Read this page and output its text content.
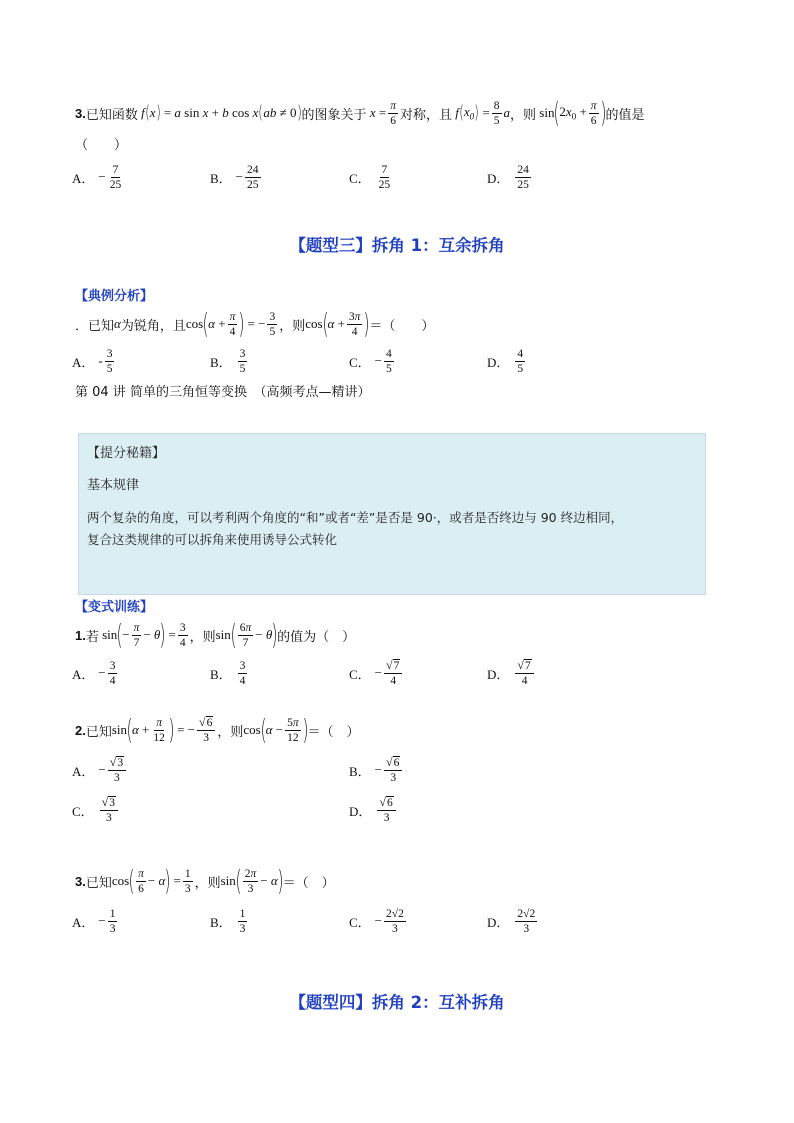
3. 已知函数 f ( x ) = a sin x + b cos x ( ab ≠ 0 ) 的图象关于 $x = \frac{\pi}{6}$ 对称，且 f ( $x_0$ ) = $\frac{8}{5}$ a ，则 sin ( $2x_0 + \frac{\pi}{6}$ ) 的值是
（　　）
A． − $\frac{7}{25}$	B． − $\frac{24}{25}$	C． $\frac{7}{25}$	D． $\frac{24}{25}$
【题型三】拆角 1：互余拆角
【典例分析】
．已知 α 为锐角，且 cos ( $\alpha + \frac{\pi}{4}$ ) = − $\frac{3}{5}$ ，则 cos ( $\alpha + \frac{3\pi}{4}$ ) ＝（　　）
A． - $\frac{3}{5}$	B． $\frac{3}{5}$	C． − $\frac{4}{5}$	D． $\frac{4}{5}$
第 04 讲 简单的三角恒等变换　（高频考点—精讲）
【提分秘籍】
基本规律
两个复杂的角度，可以考利两个角度的“和”或者“差”是否是 90·，或者是否终边与 90 终边相同，
复合这类规律的可以拆角来使用诱导公式转化
【变式训练】
1. 若 sin ( − $\frac{\pi}{7} - \theta$ ) = $\frac{3}{4}$ ，则 sin ( $\frac{6\pi}{7} - \theta$ ) 的值为（　）
A． − $\frac{3}{4}$	B． $\frac{3}{4}$	C． − $\frac{√ 7}{4}$	D． $\frac{√ 7}{4}$
2. 已知 sin ( $\alpha + \frac{\pi}{12}$ ) = − $\frac{√ 6}{3}$ ，则 cos ( $\alpha - \frac{5\pi}{12}$ ) ＝（　）
A． − $\frac{√ 3}{3}$	B． − $\frac{√ 6}{3}$
C． $\frac{√ 3}{3}$	D． $\frac{√ 6}{3}$
3. 已知 cos ( $\frac{\pi}{6} - \alpha$ ) = $\frac{1}{3}$ ，则 sin ( $\frac{2\pi}{3} - \alpha$ ) ＝（　）
A． − $\frac{1}{3}$	B． $\frac{1}{3}$	C． − $\frac{2√2}{3}$	D． $\frac{2√2}{3}$
【题型四】拆角 2：互补拆角
